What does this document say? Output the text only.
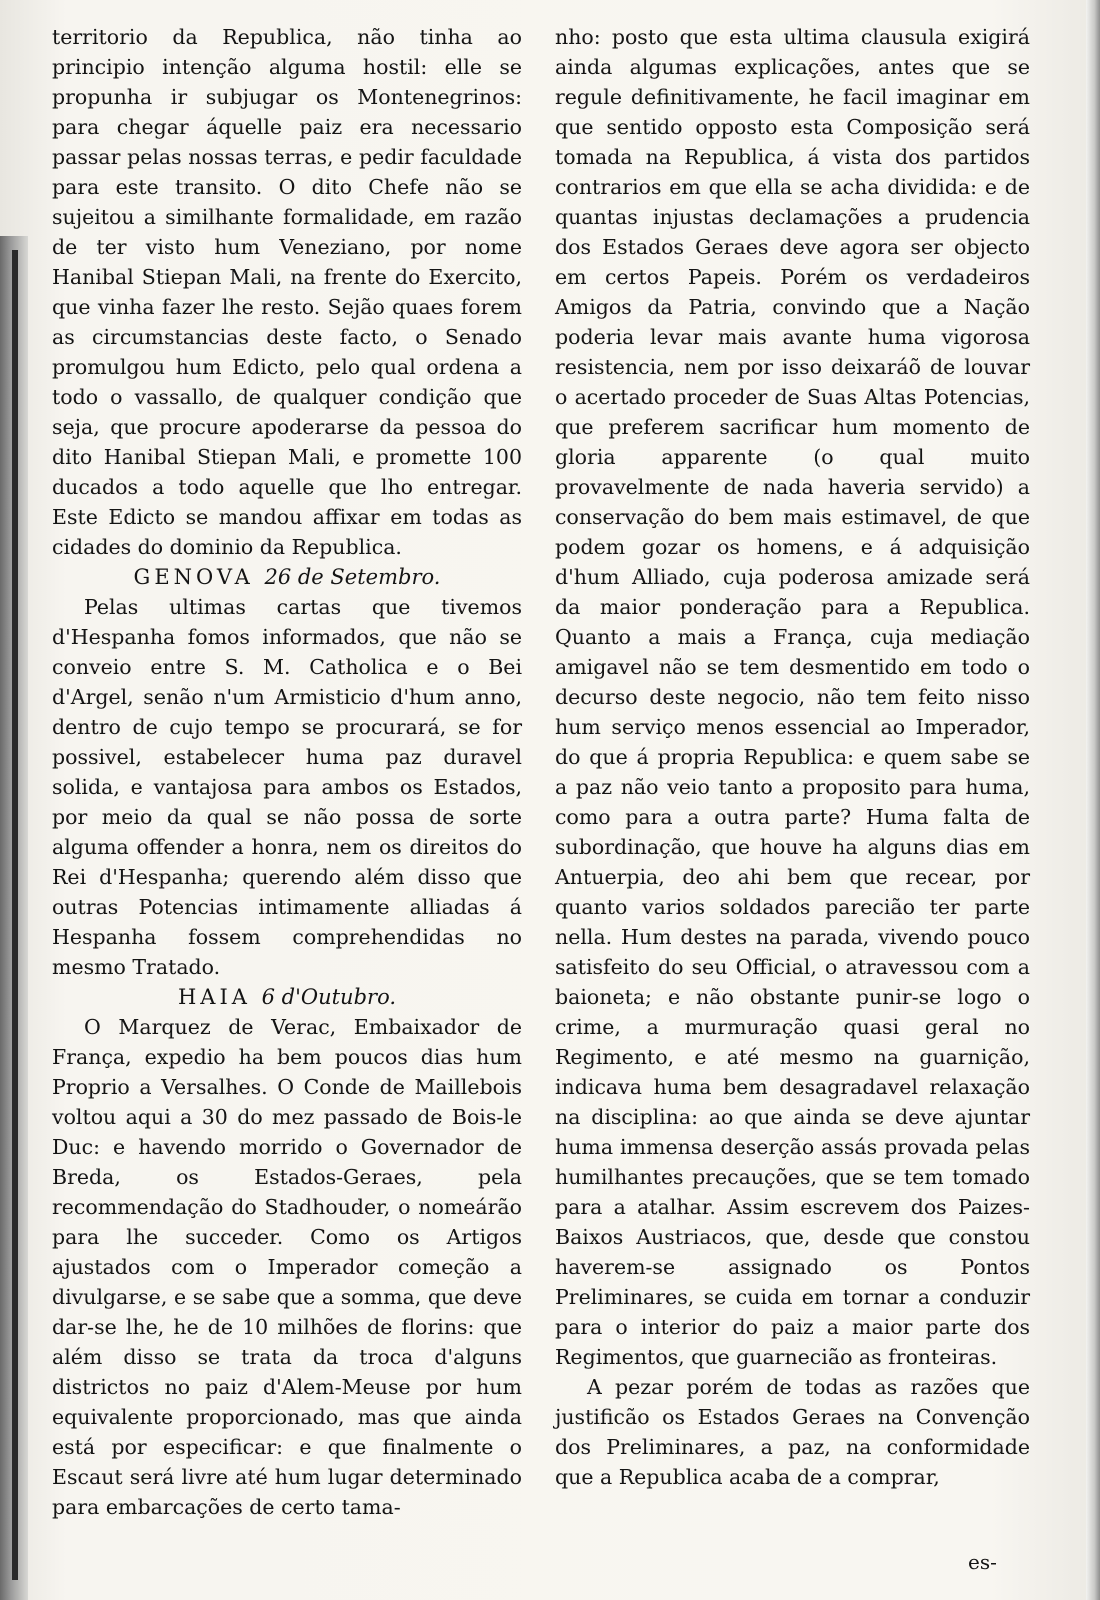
territorio da Republica, não tinha ao principio intenção alguma hostil: elle se propunha ir subjugar os Montenegrinos: para chegar áquelle paiz era necessario passar pelas nossas terras, e pedir faculdade para este transito. O dito Chefe não se sujeitou a similhante formalidade, em razão de ter visto hum Veneziano, por nome Hanibal Stiepan Mali, na frente do Exercito, que vinha fazer lhe resto. Sejão quaes forem as circumstancias deste facto, o Senado promulgou hum Edicto, pelo qual ordena a todo o vassallo, de qualquer condição que seja, que procure apoderarse da pessoa do dito Hanibal Stiepan Mali, e promette 100 ducados a todo aquelle que lho entregar. Este Edicto se mandou affixar em todas as cidades do dominio da Republica.

GENOVA 26 de Setembro.

Pelas ultimas cartas que tivemos d'Hespanha fomos informados, que não se conveio entre S. M. Catholica e o Bei d'Argel, senão n'um Armisticio d'hum anno, dentro de cujo tempo se procurará, se for possivel, estabelecer huma paz duravel solida, e vantajosa para ambos os Estados, por meio da qual se não possa de sorte alguma offender a honra, nem os direitos do Rei d'Hespanha; querendo além disso que outras Potencias intimamente alliadas á Hespanha fossem comprehendidas no mesmo Tratado.

HAIA 6 d'Outubro.

O Marquez de Verac, Embaixador de França, expedio ha bem poucos dias hum Proprio a Versalhes. O Conde de Maillebois voltou aqui a 30 do mez passado de Bois-le Duc: e havendo morrido o Governador de Breda, os Estados-Geraes, pela recommendação do Stadhouder, o nomeárão para lhe succeder. Como os Artigos ajustados com o Imperador começão a divulgarse, e se sabe que a somma, que deve dar-se lhe, he de 10 milhões de florins: que além disso se trata da troca d'alguns districtos no paiz d'Alem-Meuse por hum equivalente proporcionado, mas que ainda está por especificar: e que finalmente o Escaut será livre até hum lugar determinado para embarcações de certo tama-

nho: posto que esta ultima clausula exigirá ainda algumas explicações, antes que se regule definitivamente, he facil imaginar em que sentido opposto esta Composição será tomada na Republica, á vista dos partidos contrarios em que ella se acha dividida: e de quantas injustas declamações a prudencia dos Estados Geraes deve agora ser objecto em certos Papeis. Porém os verdadeiros Amigos da Patria, convindo que a Nação poderia levar mais avante huma vigorosa resistencia, nem por isso deixaráõ de louvar o acertado proceder de Suas Altas Potencias, que preferem sacrificar hum momento de gloria apparente (o qual muito provavelmente de nada haveria servido) a conservação do bem mais estimavel, de que podem gozar os homens, e á adquisição d'hum Alliado, cuja poderosa amizade será da maior ponderação para a Republica. Quanto a mais a França, cuja mediação amigavel não se tem desmentido em todo o decurso deste negocio, não tem feito nisso hum serviço menos essencial ao Imperador, do que á propria Republica: e quem sabe se a paz não veio tanto a proposito para huma, como para a outra parte? Huma falta de subordinação, que houve ha alguns dias em Antuerpia, deo ahi bem que recear, por quanto varios soldados parecião ter parte nella. Hum destes na parada, vivendo pouco satisfeito do seu Official, o atravessou com a baioneta; e não obstante punir-se logo o crime, a murmuração quasi geral no Regimento, e até mesmo na guarnição, indicava huma bem desagradavel relaxação na disciplina: ao que ainda se deve ajuntar huma immensa deserção assás provada pelas humilhantes precauções, que se tem tomado para a atalhar. Assim escrevem dos Paizes-Baixos Austriacos, que, desde que constou haverem-se assignado os Pontos Preliminares, se cuida em tornar a conduzir para o interior do paiz a maior parte dos Regimentos, que guarnecião as fronteiras.

A pezar porém de todas as razões que justificão os Estados Geraes na Convenção dos Preliminares, a paz, na conformidade que a Republica acaba de a comprar,

es-
